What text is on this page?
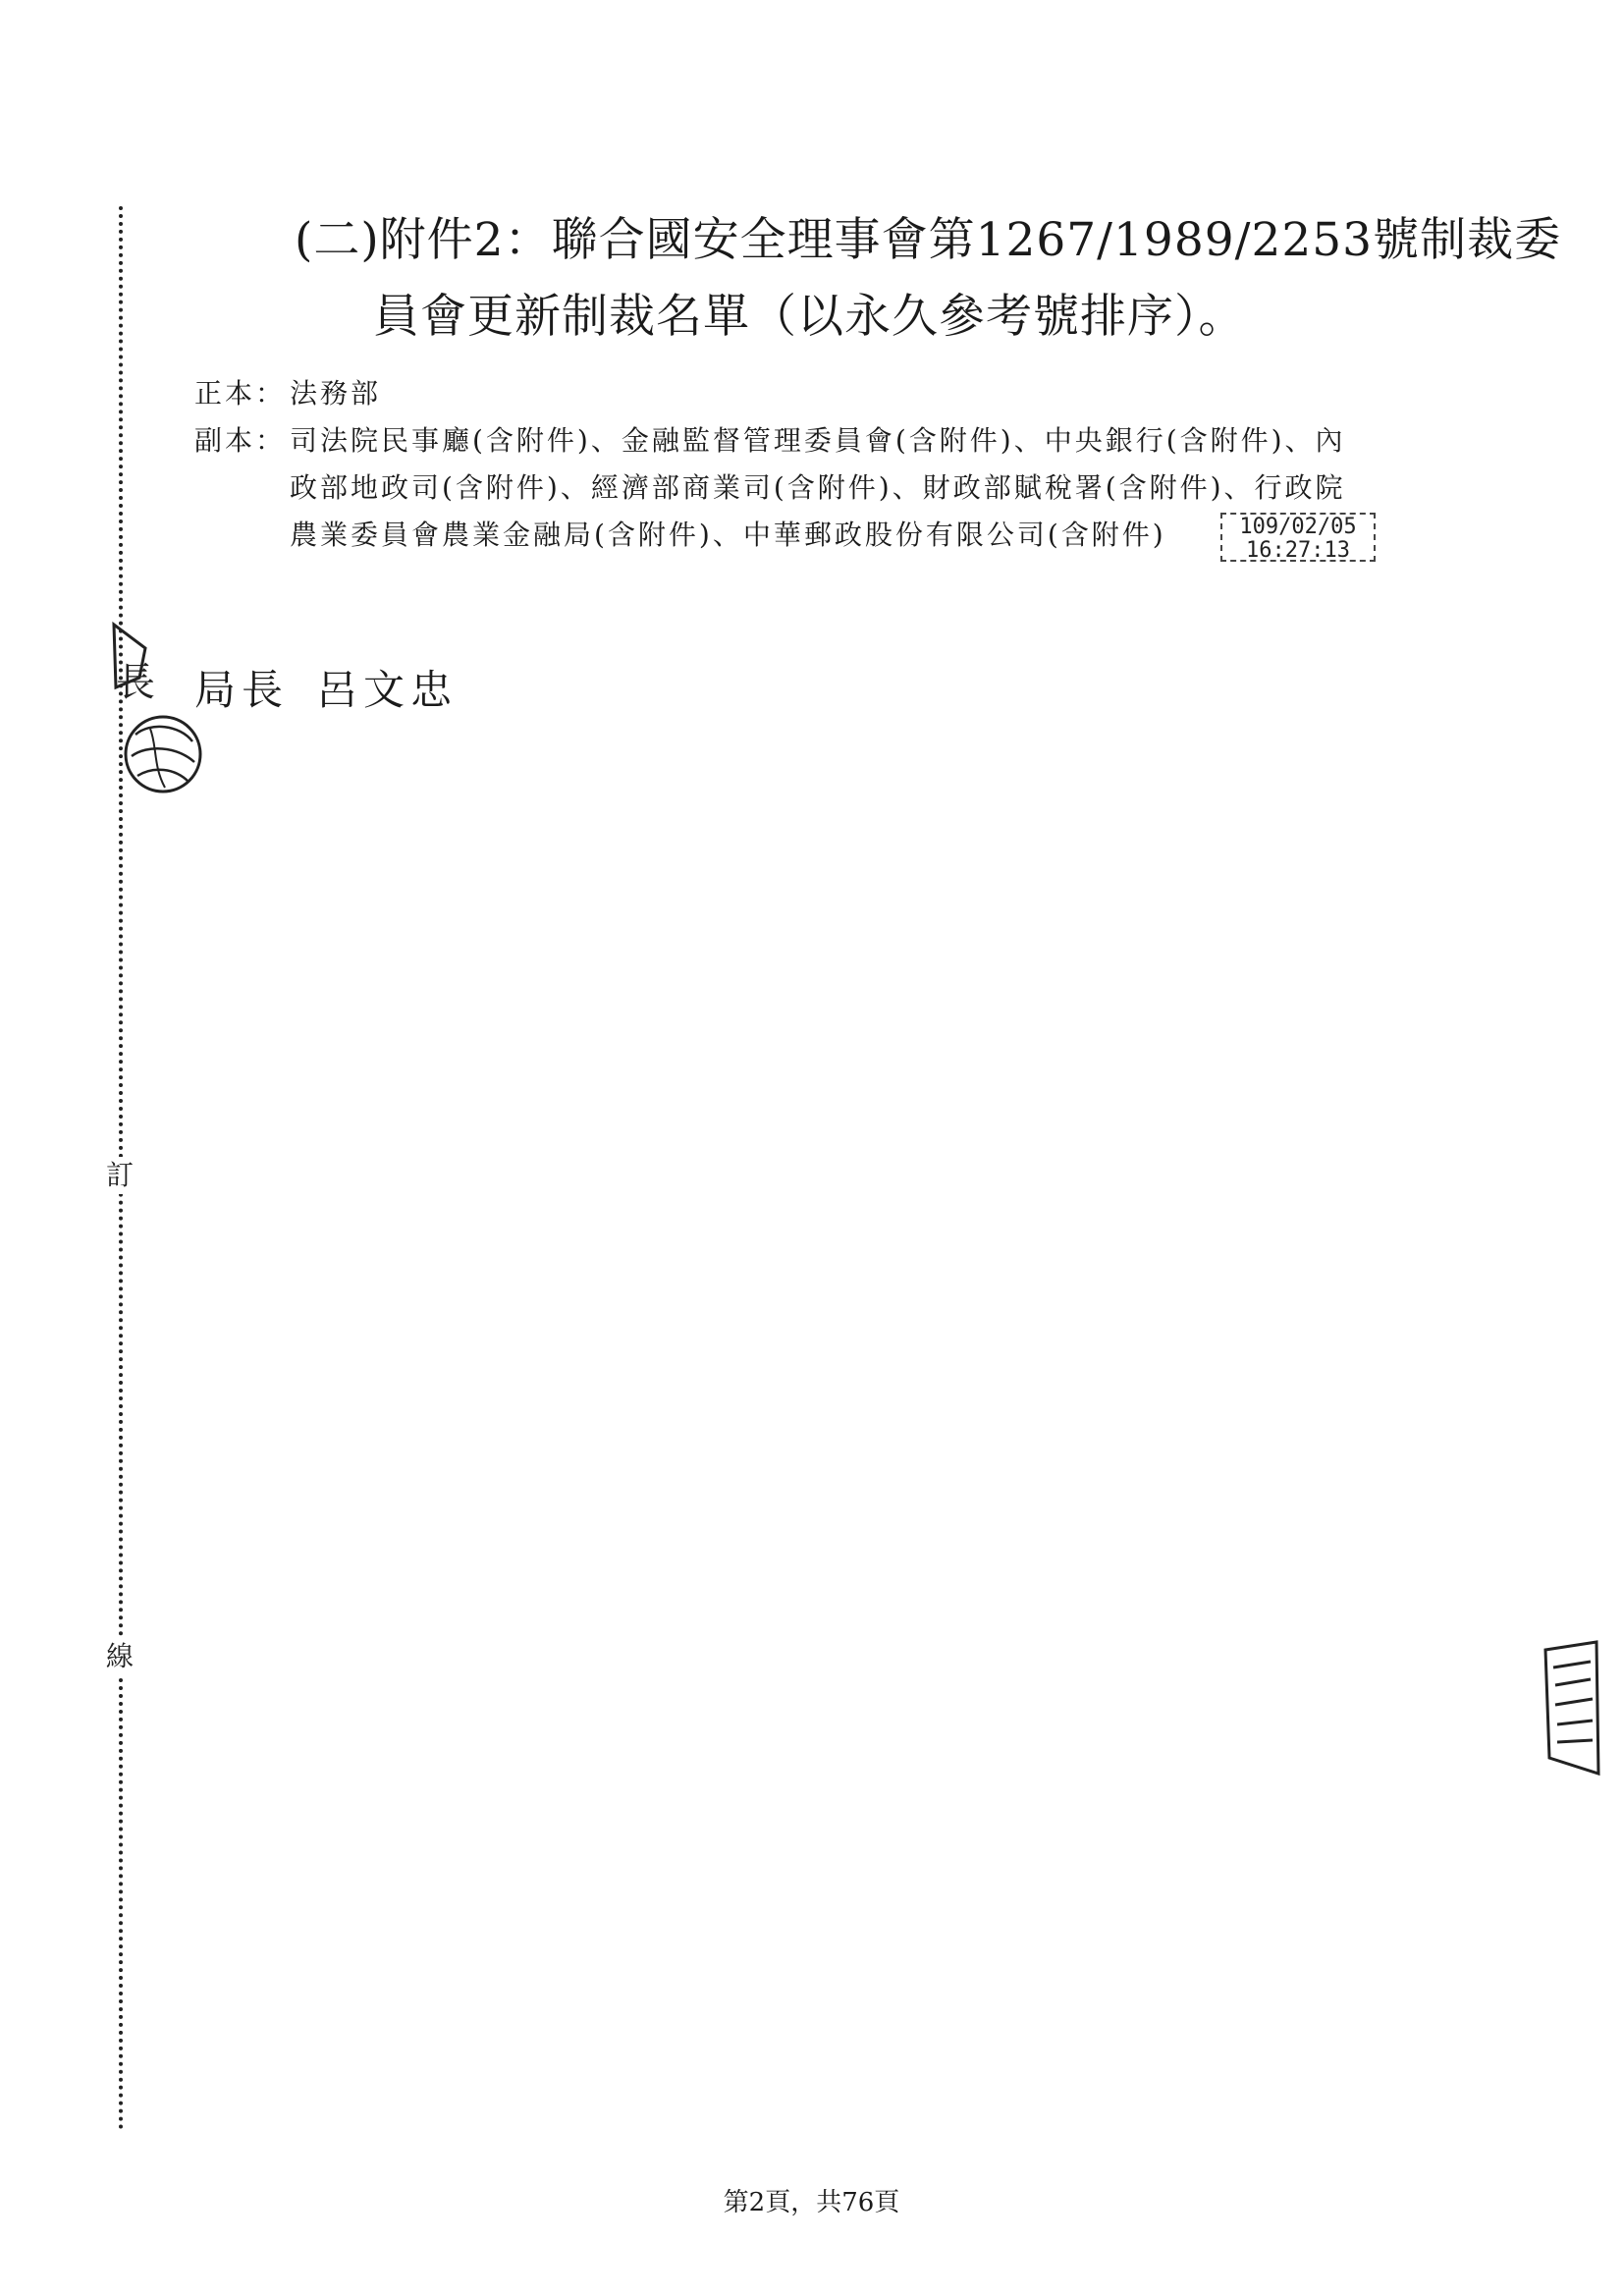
訂
線
(二)附件2：聯合國安全理事會第1267/1989/2253號制裁委
員會更新制裁名單（以永久參考號排序）。
正本： 法務部
副本： 司法院民事廳(含附件)、金融監督管理委員會(含附件)、中央銀行(含附件)、內
政部地政司(含附件)、經濟部商業司(含附件)、財政部賦稅署(含附件)、行政院
農業委員會農業金融局(含附件)、中華郵政股份有限公司(含附件)	109/02/05
16:27:13
長 局長 呂文忠
第2頁，共76頁
